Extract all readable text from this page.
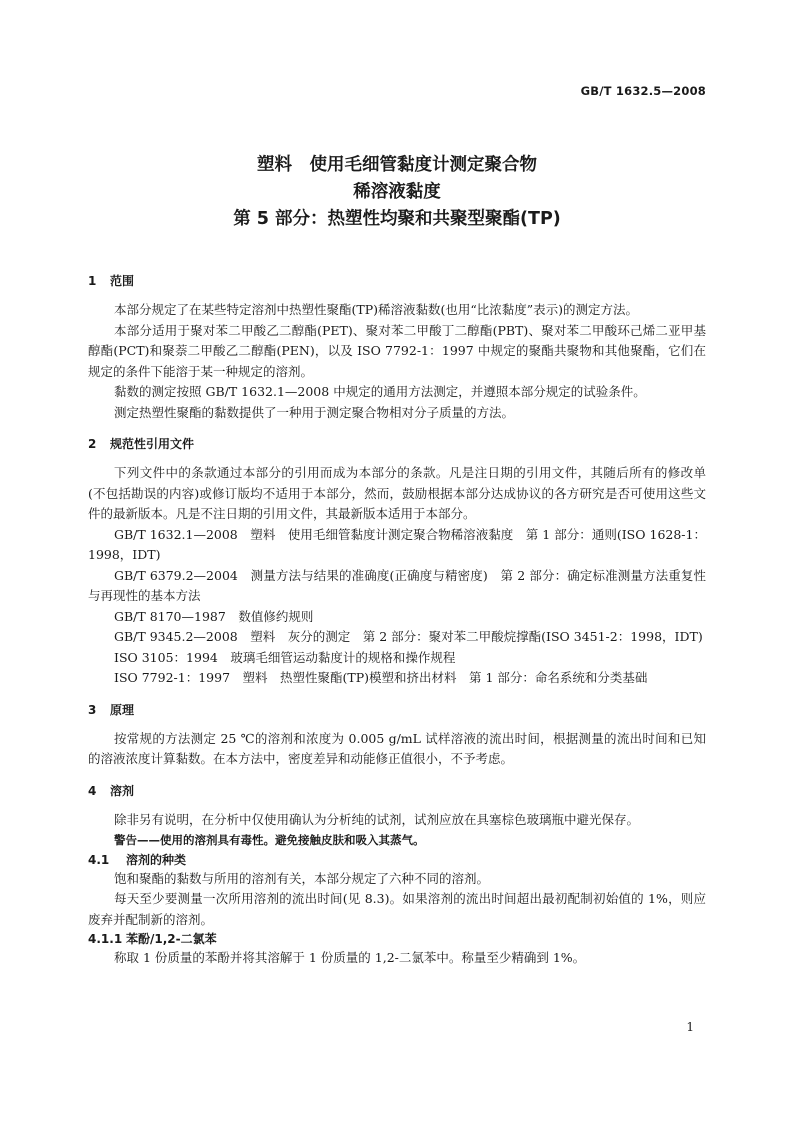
GB/T 1632.5—2008

塑料　使用毛细管黏度计测定聚合物

稀溶液黏度

第 5 部分：热塑性均聚和共聚型聚酯(TP)

1 范围

本部分规定了在某些特定溶剂中热塑性聚酯(TP)稀溶液黏数(也用“比浓黏度”表示)的测定方法。

本部分适用于聚对苯二甲酸乙二醇酯(PET)、聚对苯二甲酸丁二醇酯(PBT)、聚对苯二甲酸环己烯二亚甲基醇酯(PCT)和聚萘二甲酸乙二醇酯(PEN)，以及 ISO 7792-1：1997 中规定的聚酯共聚物和其他聚酯，它们在规定的条件下能溶于某一种规定的溶剂。

黏数的测定按照 GB/T 1632.1—2008 中规定的通用方法测定，并遵照本部分规定的试验条件。

测定热塑性聚酯的黏数提供了一种用于测定聚合物相对分子质量的方法。

2 规范性引用文件

下列文件中的条款通过本部分的引用而成为本部分的条款。凡是注日期的引用文件，其随后所有的修改单(不包括勘误的内容)或修订版均不适用于本部分，然而，鼓励根据本部分达成协议的各方研究是否可使用这些文件的最新版本。凡是不注日期的引用文件，其最新版本适用于本部分。

GB/T 1632.1—2008　塑料　使用毛细管黏度计测定聚合物稀溶液黏度　第 1 部分：通则(ISO 1628-1：1998，IDT)

GB/T 6379.2—2004　测量方法与结果的准确度(正确度与精密度)　第 2 部分：确定标准测量方法重复性与再现性的基本方法

GB/T 8170—1987　数值修约规则

GB/T 9345.2—2008　塑料　灰分的测定　第 2 部分：聚对苯二甲酸烷撑酯(ISO 3451-2：1998，IDT)

ISO 3105：1994　玻璃毛细管运动黏度计的规格和操作规程

ISO 7792-1：1997　塑料　热塑性聚酯(TP)模塑和挤出材料　第 1 部分：命名系统和分类基础

3 原理

按常规的方法测定 25 ℃的溶剂和浓度为 0.005 g/mL 试样溶液的流出时间，根据测量的流出时间和已知的溶液浓度计算黏数。在本方法中，密度差异和动能修正值很小，不予考虑。

4 溶剂

除非另有说明，在分析中仅使用确认为分析纯的试剂，试剂应放在具塞棕色玻璃瓶中避光保存。

警告——使用的溶剂具有毒性。避免接触皮肤和吸入其蒸气。

4.1 溶剂的种类

饱和聚酯的黏数与所用的溶剂有关，本部分规定了六种不同的溶剂。

每天至少要测量一次所用溶剂的流出时间(见 8.3)。如果溶剂的流出时间超出最初配制初始值的 1%，则应废弃并配制新的溶剂。

4.1.1 苯酚/1,2-二氯苯

称取 1 份质量的苯酚并将其溶解于 1 份质量的 1,2-二氯苯中。称量至少精确到 1%。

1
